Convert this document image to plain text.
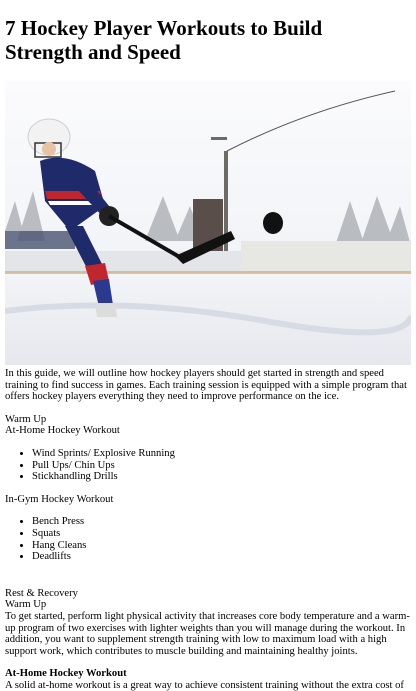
7 Hockey Player Workouts to Build Strength and Speed

In this guide, we will outline how hockey players should get started in strength and speed training to find success in games. Each training session is equipped with a simple program that offers hockey players everything they need to improve performance on the ice.

Warm Up
At-Home Hockey Workout
• Wind Sprints/ Explosive Running
• Pull Ups/ Chin Ups
• Stickhandling Drills
In-Gym Hockey Workout
• Bench Press
• Squats
• Hang Cleans
• Deadlifts
Rest & Recovery
Warm Up

To get started, perform light physical activity that increases core body temperature and a warm-up program of two exercises with lighter weights than you will manage during the workout. In addition, you want to supplement strength training with low to maximum load with a high support work, which contributes to muscle building and maintaining healthy joints.

At-Home Hockey Workout

A solid at-home workout is a great way to achieve consistent training without the extra cost of
